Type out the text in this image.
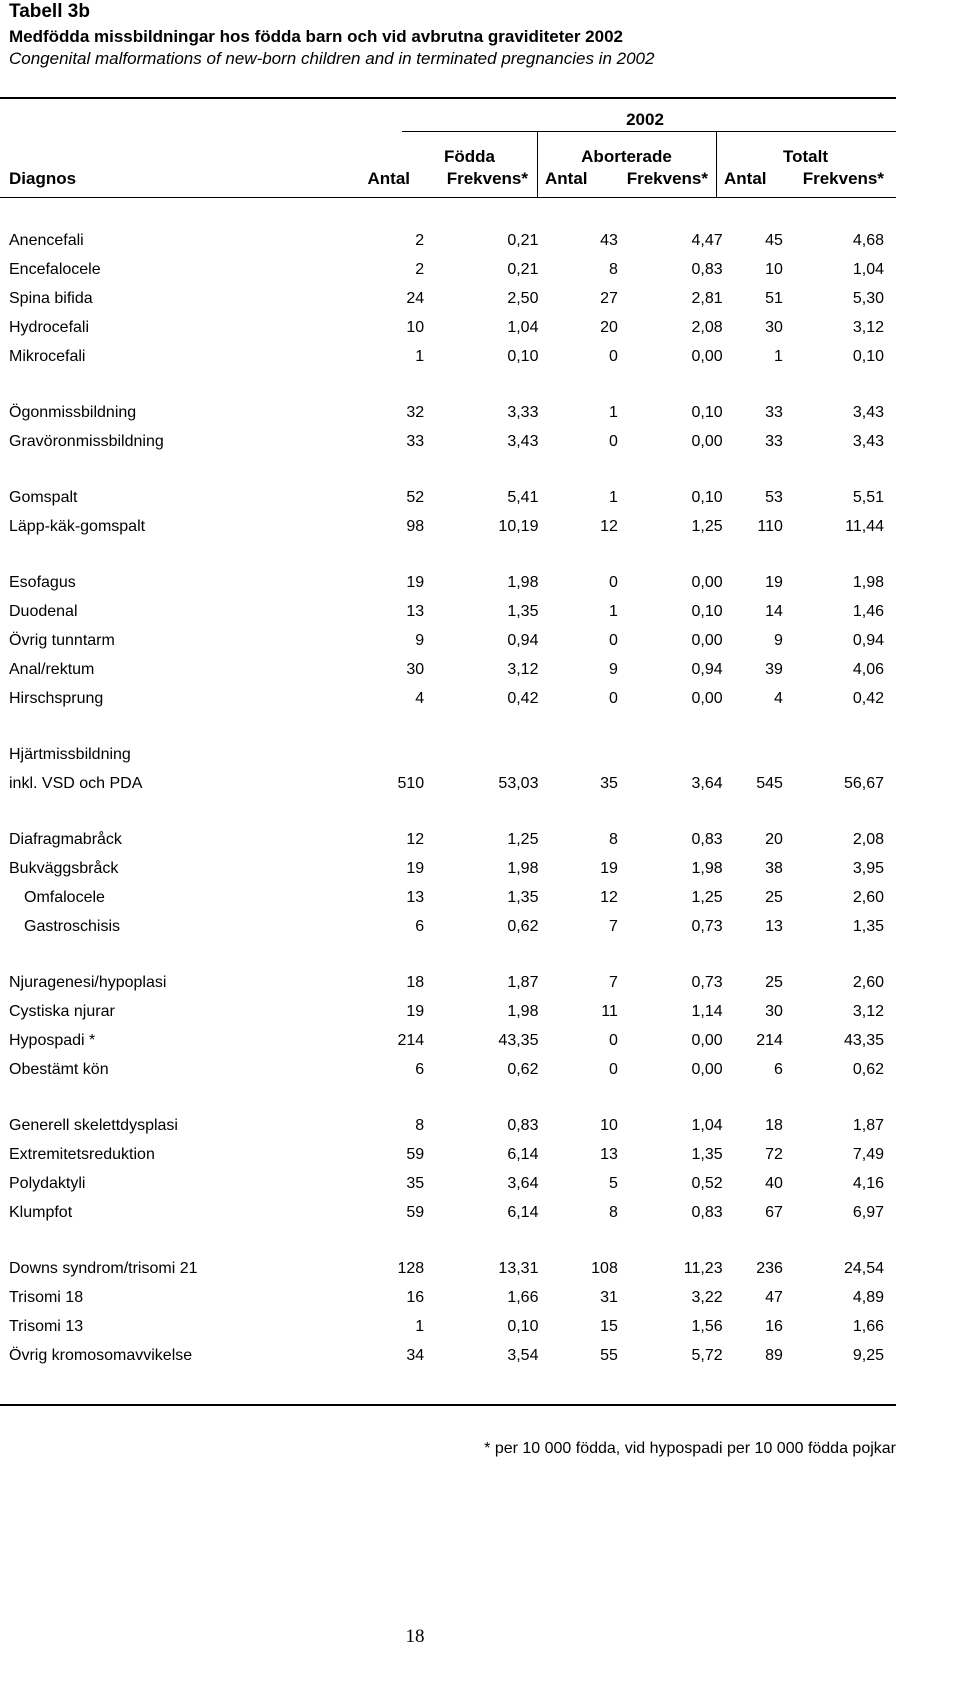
Tabell 3b
Medfödda missbildningar hos födda barn och vid avbrutna graviditeter 2002
Congenital malformations of new-born children and in terminated pregnancies in 2002
2002
Födda	Aborterade	Totalt
Diagnos	Antal	Frekvens* Antal	Frekvens* Antal	Frekvens*
Anencefali	2	0,21	43	4,47	45	4,68
Encefalocele	2	0,21	8	0,83	10	1,04
Spina bifida	24	2,50	27	2,81	51	5,30
Hydrocefali	10	1,04	20	2,08	30	3,12
Mikrocefali	1	0,10	0	0,00	1	0,10

Ögonmissbildning	32	3,33	1	0,10	33	3,43
Gravöronmissbildning	33	3,43	0	0,00	33	3,43

Gomspalt	52	5,41	1	0,10	53	5,51
Läpp-käk-gomspalt	98	10,19	12	1,25	110	11,44

Esofagus	19	1,98	0	0,00	19	1,98
Duodenal	13	1,35	1	0,10	14	1,46
Övrig tunntarm	9	0,94	0	0,00	9	0,94
Anal/rektum	30	3,12	9	0,94	39	4,06
Hirschsprung	4	0,42	0	0,00	4	0,42

Hjärtmissbildning						
inkl. VSD och PDA	510	53,03	35	3,64	545	56,67

Diafragmabråck	12	1,25	8	0,83	20	2,08
Bukväggsbråck	19	1,98	19	1,98	38	3,95
Omfalocele	13	1,35	12	1,25	25	2,60
Gastroschisis	6	0,62	7	0,73	13	1,35

Njuragenesi/hypoplasi	18	1,87	7	0,73	25	2,60
Cystiska njurar	19	1,98	11	1,14	30	3,12
Hypospadi *	214	43,35	0	0,00	214	43,35
Obestämt kön	6	0,62	0	0,00	6	0,62

Generell skelettdysplasi	8	0,83	10	1,04	18	1,87
Extremitetsreduktion	59	6,14	13	1,35	72	7,49
Polydaktyli	35	3,64	5	0,52	40	4,16
Klumpfot	59	6,14	8	0,83	67	6,97

Downs syndrom/trisomi 21	128	13,31	108	11,23	236	24,54
Trisomi 18	16	1,66	31	3,22	47	4,89
Trisomi 13	1	0,10	15	1,56	16	1,66
Övrig kromosomavvikelse	34	3,54	55	5,72	89	9,25
* per 10 000 födda, vid hypospadi per 10 000 födda pojkar
18
